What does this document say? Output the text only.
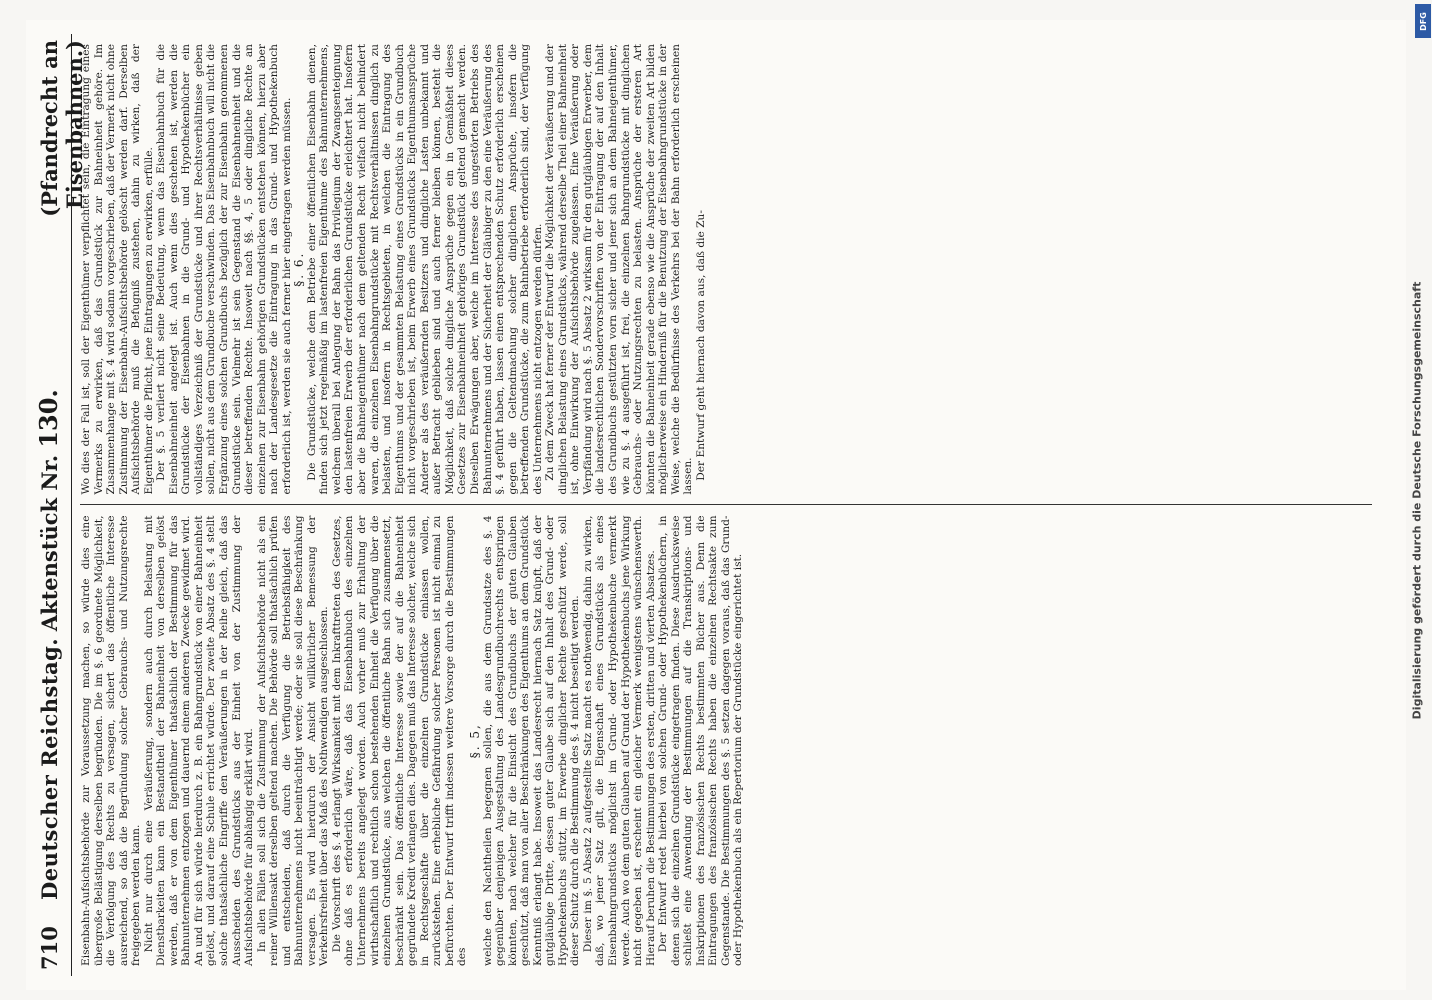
710
Deutscher Reichstag.
Aktenstück Nr. 130.
(Pfandrecht an Eisenbahnen.)

Eisenbahn-Aufsichtsbehörde zur Voraussetzung machen, so würde dies eine übergroße Belästigung derselben begründen. Die im §. 6 geordnete Möglichkeit, die Verfolgung des Rechts zu versagen, sichert das öffentliche Interesse ausreichend, so daß die Begründung solcher Gebrauchs- und Nutzungsrechte freigegeben werden kann. Nicht nur durch eine Veräußerung, sondern auch durch Belastung mit Dienstbarkeiten kann ein Bestandtheil der Bahneinheit von derselben gelöst werden, daß er von dem Eigenthümer thatsächlich der Bestimmung für das Bahnunternehmen entzogen und dauernd einem anderen Zwecke gewidmet wird. An und für sich würde hierdurch z. B. ein Bahngrundstück von einer Bahneinheit gelöst, und darauf eine Schule errichtet würde. Der zweite Absatz des §. 4 stellt solche thatsächliche Eingriffe den Veräußerungen in der Reihe gleich, daß das Ausscheiden des Grundstücks aus der Einheit von der Zustimmung der Aufsichtsbehörde für abhängig erklärt wird. In allen Fällen soll sich die Zustimmung der Aufsichtsbehörde nicht als ein reiner Willensakt derselben geltend machen. Die Behörde soll thatsächlich prüfen und entscheiden, daß durch die Verfügung die Betriebsfähigkeit des Bahnunternehmens nicht beeinträchtigt werde; oder sie soll diese Beschränkung versagen. Es wird hierdurch der Ansicht willkürlicher Bemessung der Verkehrsfreiheit über das Maß des Nothwendigen ausgeschlossen. Die Vorschrift des §. 4 erlangt Wirksamkeit mit dem Inkrafttreten des Gesetzes, ohne daß es erforderlich wäre, daß das Eisenbahnbuch des einzelnen Unternehmens bereits angelegt worden. Auch vorher muß zur Erhaltung der wirthschaftlich und rechtlich schon bestehenden Einheit die Verfügung über die einzelnen Grundstücke, aus welchen die öffentliche Bahn sich zusammensetzt, beschränkt sein. Das öffentliche Interesse sowie der auf die Bahneinheit gegründete Kredit verlangen dies. Dagegen muß das Interesse solcher, welche sich in Rechtsgeschäfte über die einzelnen Grundstücke einlassen wollen, zurückstehen. Eine erhebliche Gefährdung solcher Personen ist nicht einmal zu befürchten. Der Entwurf trifft indessen weitere Vorsorge durch die Bestimmungen des

§. 5, welche den Nachtheilen begegnen sollen, die aus dem Grundsatze des §. 4 gegenüber denjenigen Ausgestaltung des Landesgrundbuchrechts entspringen könnten, nach welcher für die Einsicht des Grundbuchs der guten Glauben geschützt, daß man von aller Beschränkungen des Eigenthums an dem Grundstück Kenntniß erlangt habe. Insoweit das Landesrecht hiernach Satz knüpft, daß der gutgläubige Dritte, dessen guter Glaube sich auf den Inhalt des Grund- oder Hypothekenbuchs stützt, im Erwerbe dinglicher Rechte geschützt werde, soll dieser Schutz durch die Bestimmung des §. 4 nicht beseitigt werden. Dieser im §. 5 Absatz 2 aufgestellte Satz macht es nothwendig, dahin zu wirken, daß, wo jener Satz gilt, die Eigenschaft eines Grundstücks als eines Eisenbahngrundstücks möglichst im Grund- oder Hypothekenbuche vermerkt werde. Auch wo dem guten Glauben auf Grund der Hypothekenbuchs jene Wirkung nicht gegeben ist, erscheint ein gleicher Vermerk wenigstens wünschenswerth. Hierauf beruhen die Bestimmungen des ersten, dritten und vierten Absatzes. Der Entwurf redet hierbei von solchen Grund- oder Hypothekenbüchern, in denen sich die einzelnen Grundstücke eingetragen finden. Diese Ausdrucksweise schließt eine Anwendung der Bestimmungen auf die Transkriptions- und Inskriptionen des französischen Rechts bestimmten Bücher aus. Denn die Eintragungen des französischen Rechts haben die einzelnen Rechtsakte zum Gegenstande. Die Bestimmungen des §. 5 setzen dagegen voraus, daß das Grund- oder Hypothekenbuch als ein Repertorium der Grundstücke eingerichtet ist.

Wo dies der Fall ist, soll der Eigenthümer verpflichtet sein, die Eintragung eines Vermerks zu erwirken, daß das Grundstück zur Bahneinheit gehöre. Im Zusammenhange mit §. 4 wird sodann vorgeschrieben, daß der Vermerk nicht ohne Zustimmung der Eisenbahn-Aufsichtsbehörde gelöscht werden darf. Derselben Aufsichtsbehörde muß die Befugniß zustehen, dahin zu wirken, daß der Eigenthümer die Pflicht, jene Eintragungen zu erwirken, erfülle. Der §. 5 verliert nicht seine Bedeutung, wenn das Eisenbahnbuch für die Eisenbahneinheit angelegt ist. Auch wenn dies geschehen ist, werden die Grundstücke der Eisenbahnen in die Grund- und Hypothekenbücher ein vollständiges Verzeichniß der Grundstücke und ihrer Rechtsverhältnisse geben sollen, nicht aus dem Grundbuche verschwinden. Das Eisenbahnbuch will nicht die Ergänzung eines solchen Grundbuchs bezüglich der zur Eisenbahn genommenen Grundstücke sein. Vielmehr ist sein Gegenstand die Eisenbahneinheit und die dieser betreffenden Rechte. Insoweit nach §§. 4, 5 oder dingliche Rechte an einzelnen zur Eisenbahn gehörigen Grundstücken entstehen können, hierzu aber nach der Landesgesetze die Eintragung in das Grund- und Hypothekenbuch erforderlich ist, werden sie auch ferner hier eingetragen werden müssen. §. 6. Die Grundstücke, welche dem Betriebe einer öffentlichen Eisenbahn dienen, finden sich jetzt regelmäßig im lastenfreien Eigenthume des Bahnunternehmens, welchem überall bei Anlegung der Bahn das Privilegium der Zwangsenteignung den lastenfreien Erwerb der erforderlichen Grundstücke erleichtert hat. Insofern aber die Bahneigenthümer nach dem geltenden Recht vielfach nicht behindert waren, die einzelnen Eisenbahngrundstücke mit Rechtsverhältnissen dinglich zu belasten, und insofern in Rechtsgebieten, in welchen die Eintragung des Eigenthums und der gesammten Belastung eines Grundstücks in ein Grundbuch nicht vorgeschrieben ist, beim Erwerb eines Grundstücks Eigenthumsansprüche Anderer als des veräußernden Besitzers und dingliche Lasten unbekannt und außer Betracht geblieben sind und auch ferner bleiben können, besteht die Möglichkeit, daß solche dingliche Ansprüche gegen ein in Gemäßheit dieses Gesetzes zur Eisenbahneinheit gehöriges Grundstück geltend gemacht werden. Dieselben Erwägungen aber, welche im Interesse des ungestörten Betriebs des Bahnunternehmens und der Sicherheit der Gläubiger zu den eine Veräußerung des §. 4 geführt haben, lassen einen entsprechenden Schutz erforderlich erscheinen gegen die Geltendmachung solcher dinglichen Ansprüche, insofern die betreffenden Grundstücke, die zum Bahnbetriebe erforderlich sind, der Verfügung des Unternehmens nicht entzogen werden dürfen. Zu dem Zweck hat ferner der Entwurf die Möglichkeit der Veräußerung und der dinglichen Belastung eines Grundstücks, während derselbe Theil einer Bahneinheit ist, ohne Einwirkung der Aufsichtsbehörde zugelassen. Eine Veräußerung oder Verpfändung wird nach §. 5 Absatz 2 wirksam für den gutgläubigen Erwerber, dem die landesrechtlichen Sondervorschriften von der Eintragung der auf den Inhalt des Grundbuchs gestützten vorn sicher und jener sich an dem Bahneigenthümer, wie zu §. 4 ausgeführt ist, frei, die einzelnen Bahngrundstücke mit dinglichen Gebrauchs- oder Nutzungsrechten zu belasten. Ansprüche der ersteren Art könnten die Bahneinheit gerade ebenso wie die Ansprüche der zweiten Art bilden möglicherweise ein Hinderniß für die Benutzung der Eisenbahngrundstücke in der Weise, welche die Bedürfnisse des Verkehrs bei der Bahn erforderlich erscheinen lassen. Der Entwurf geht hiernach davon aus, daß die Zu-

DFG
Digitalisierung gefördert durch die Deutsche Forschungsgemeinschaft
